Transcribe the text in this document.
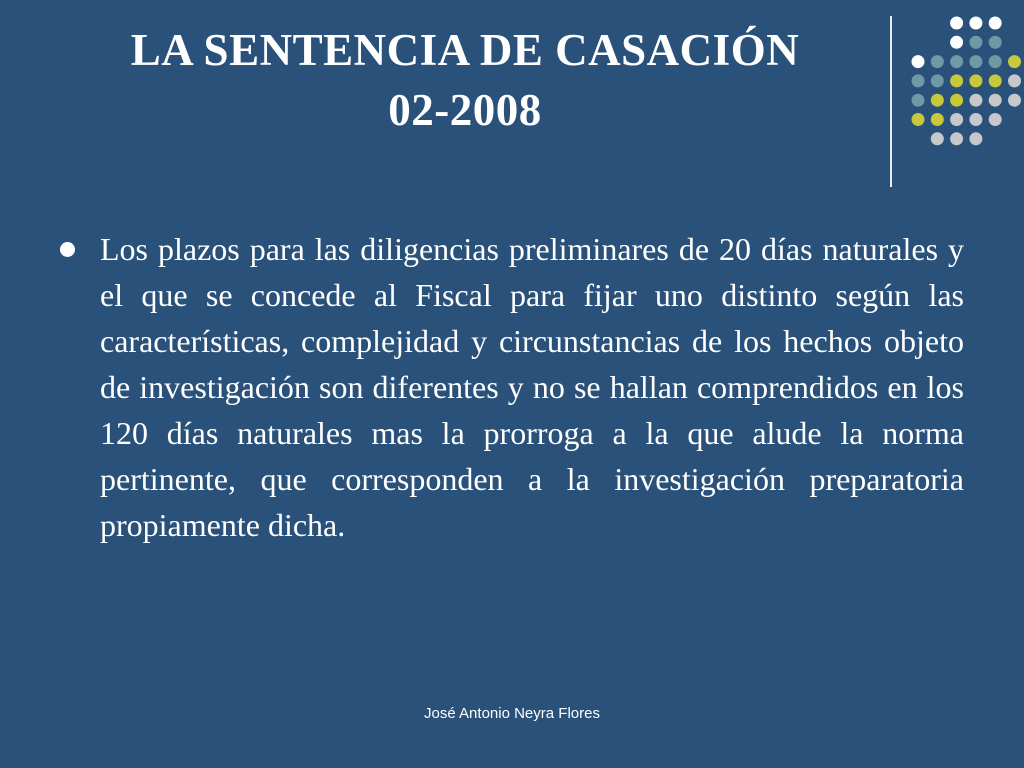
LA SENTENCIA DE CASACIÓN
02-2008
Los plazos para las diligencias preliminares de 20 días naturales y el que se concede al Fiscal para fijar uno distinto según las características, complejidad y circunstancias de los hechos objeto de investigación son diferentes y no se hallan comprendidos en los 120 días naturales mas la prorroga a la que alude la norma pertinente, que corresponden a la investigación preparatoria propiamente dicha.
José Antonio Neyra Flores
